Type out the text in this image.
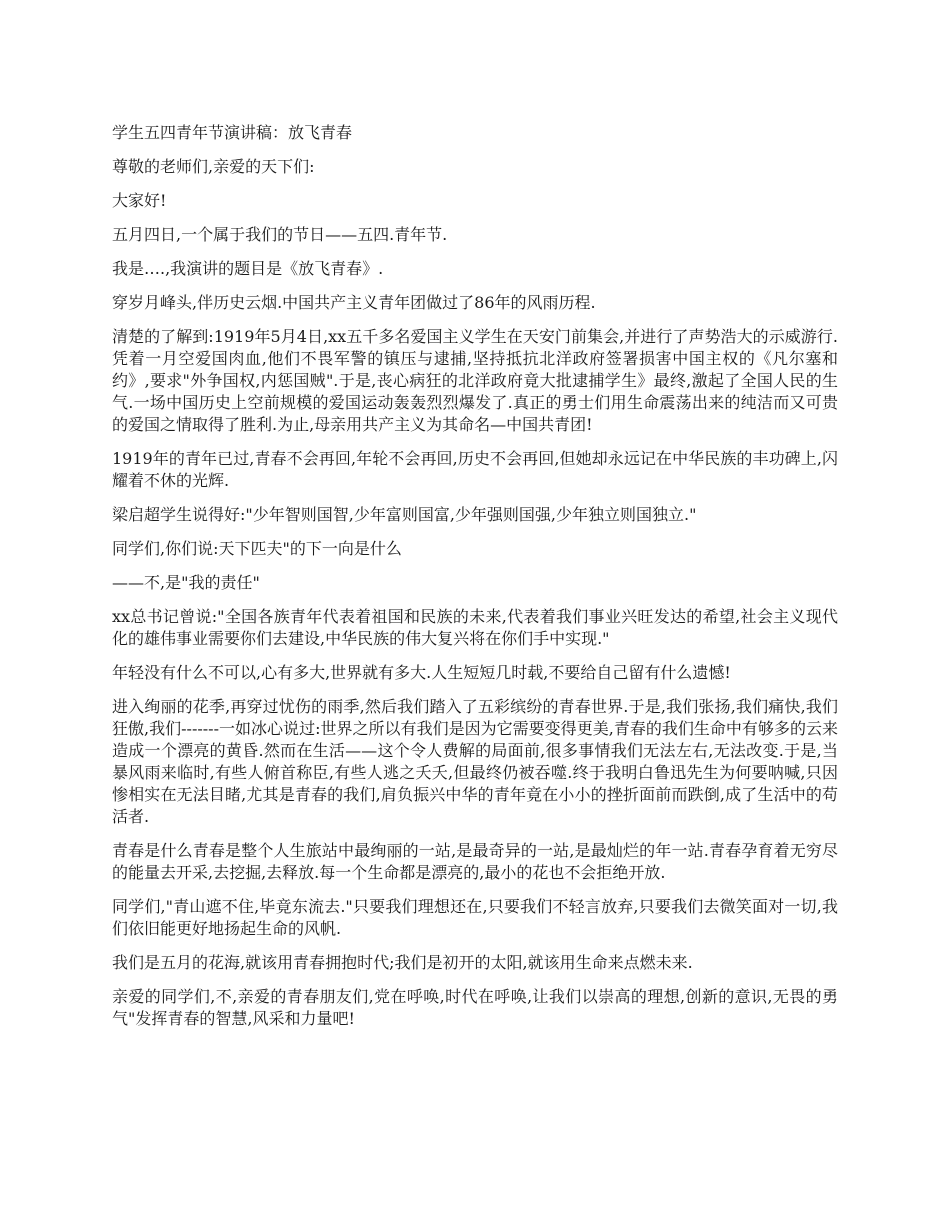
学生五四青年节演讲稿：放飞青春

尊敬的老师们,亲爱的天下们:

大家好!

五月四日,一个属于我们的节日——五四.青年节.

我是….,我演讲的题目是《放飞青春》.

穿岁月峰头,伴历史云烟.中国共产主义青年团做过了86年的风雨历程.

清楚的了解到:1919年5月4日,xx五千多名爱国主义学生在天安门前集会,并进行了声势浩大的示威游行.凭着一月空爱国肉血,他们不畏军警的镇压与逮捕,坚持抵抗北洋政府签署损害中国主权的《凡尔塞和约》,要求"外争国权,内惩国贼".于是,丧心病狂的北洋政府竟大批逮捕学生》最终,激起了全国人民的生气.一场中国历史上空前规模的爱国运动轰轰烈烈爆发了.真正的勇士们用生命震荡出来的纯洁而又可贵的爱国之情取得了胜利.为止,母亲用共产主义为其命名—中国共青团!

1919年的青年已过,青春不会再回,年轮不会再回,历史不会再回,但她却永远记在中华民族的丰功碑上,闪耀着不休的光辉.

梁启超学生说得好:"少年智则国智,少年富则国富,少年强则国强,少年独立则国独立."

同学们,你们说:天下匹夫"的下一向是什么

——不,是"我的责任"

xx总书记曾说:"全国各族青年代表着祖国和民族的未来,代表着我们事业兴旺发达的希望,社会主义现代化的雄伟事业需要你们去建设,中华民族的伟大复兴将在你们手中实现."

年轻没有什么不可以,心有多大,世界就有多大.人生短短几时载,不要给自己留有什么遗憾!

进入绚丽的花季,再穿过忧伤的雨季,然后我们踏入了五彩缤纷的青春世界.于是,我们张扬,我们痛快,我们狂傲,我们-------一如冰心说过:世界之所以有我们是因为它需要变得更美,青春的我们生命中有够多的云来造成一个漂亮的黄昏.然而在生活——这个令人费解的局面前,很多事情我们无法左右,无法改变.于是,当暴风雨来临时,有些人俯首称臣,有些人逃之夭夭,但最终仍被吞噬.终于我明白鲁迅先生为何要呐喊,只因惨相实在无法目睹,尤其是青春的我们,肩负振兴中华的青年竟在小小的挫折面前而跌倒,成了生活中的苟活者.

青春是什么青春是整个人生旅站中最绚丽的一站,是最奇异的一站,是最灿烂的年一站.青春孕育着无穷尽的能量去开采,去挖掘,去释放.每一个生命都是漂亮的,最小的花也不会拒绝开放.

同学们,"青山遮不住,毕竟东流去."只要我们理想还在,只要我们不轻言放弃,只要我们去微笑面对一切,我们依旧能更好地扬起生命的风帆.

我们是五月的花海,就该用青春拥抱时代;我们是初开的太阳,就该用生命来点燃未来.

亲爱的同学们,不,亲爱的青春朋友们,党在呼唤,时代在呼唤,让我们以崇高的理想,创新的意识,无畏的勇气"发挥青春的智慧,风采和力量吧!
